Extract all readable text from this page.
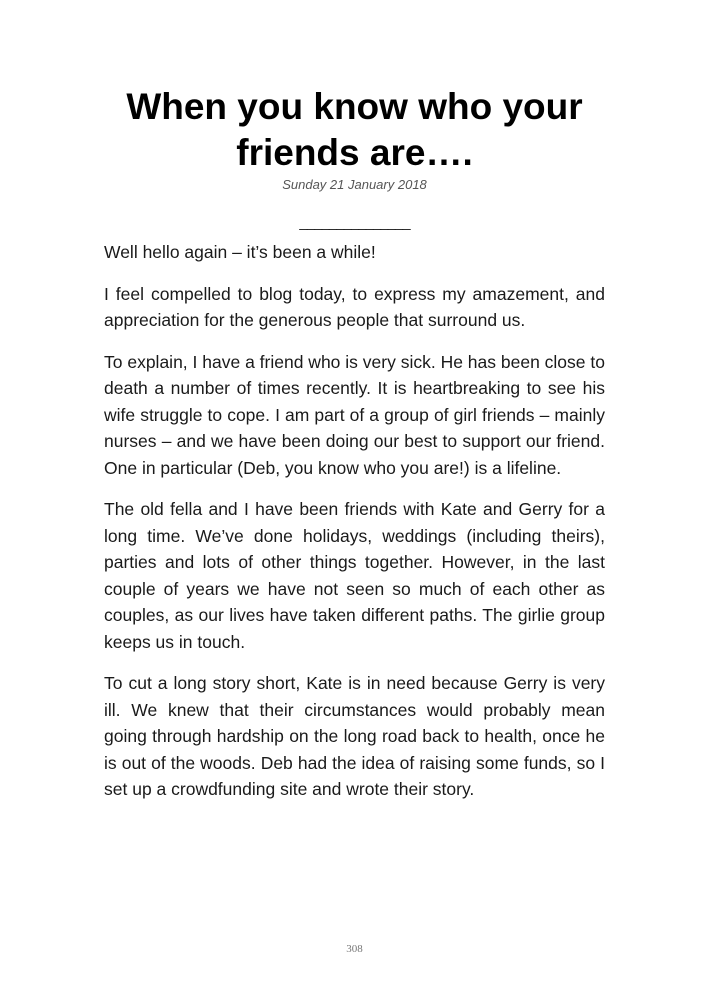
When you know who your friends are….
Sunday 21 January 2018
_______________

Well hello again – it’s been a while!

I feel compelled to blog today, to express my amazement, and appreciation for the generous people that surround us.

To explain, I have a friend who is very sick. He has been close to death a number of times recently. It is heartbreaking to see his wife struggle to cope. I am part of a group of girl friends – mainly nurses – and we have been doing our best to support our friend. One in particular (Deb, you know who you are!) is a lifeline.

The old fella and I have been friends with Kate and Gerry for a long time. We’ve done holidays, weddings (including theirs), parties and lots of other things together. However, in the last couple of years we have not seen so much of each other as couples, as our lives have taken different paths. The girlie group keeps us in touch.

To cut a long story short, Kate is in need because Gerry is very ill. We knew that their circumstances would probably mean going through hardship on the long road back to health, once he is out of the woods. Deb had the idea of raising some funds, so I set up a crowdfunding site and wrote their story.

308
